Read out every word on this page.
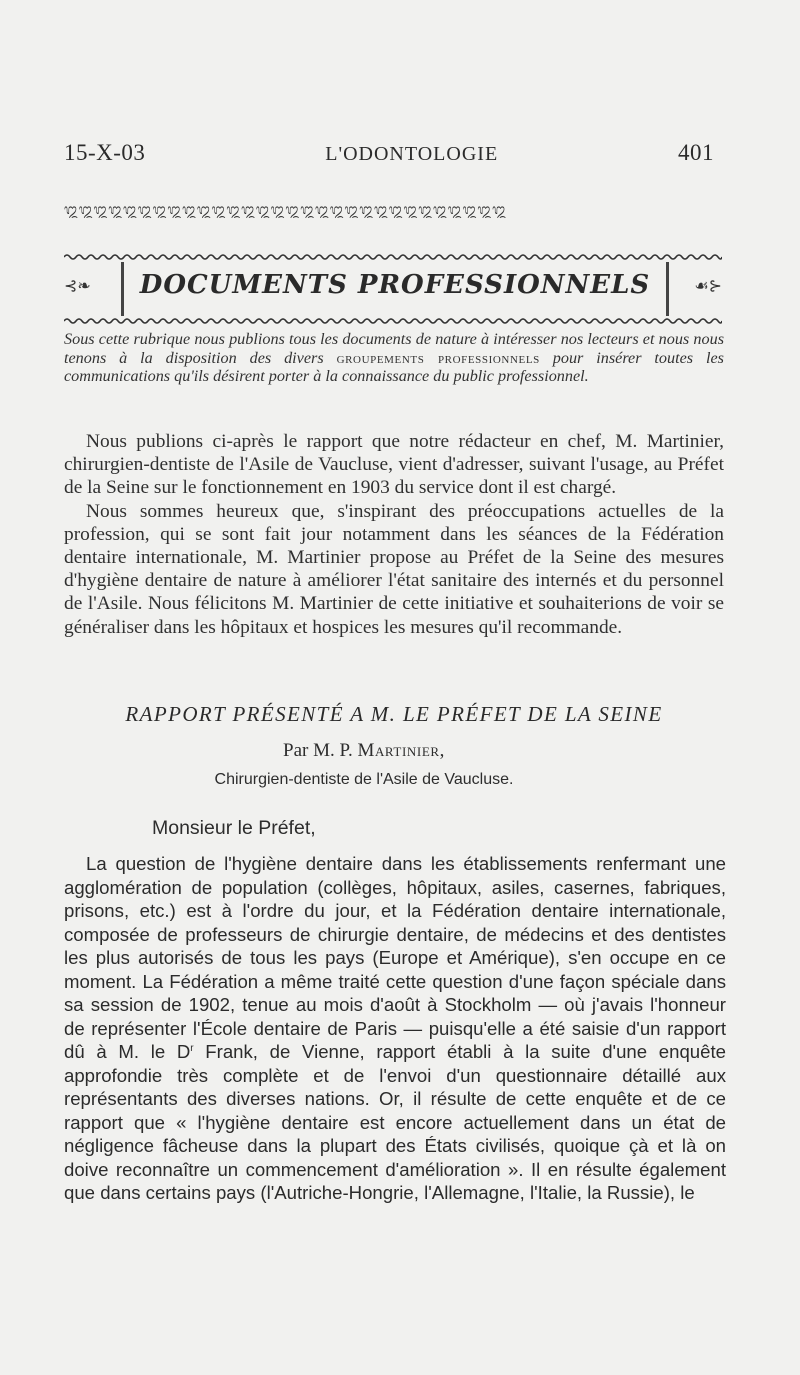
15-X-03	L'ODONTOLOGIE	401
᭓᭓᭓᭓᭓᭓᭓᭓᭓᭓᭓᭓᭓᭓᭓᭓᭓᭓᭓᭓᭓᭓᭓᭓᭓᭓᭓᭓᭓᭓
⊰❧	DOCUMENTS PROFESSIONNELS	☙⊱
Sous cette rubrique nous publions tous les documents de nature à intéresser nos lecteurs et nous nous tenons à la disposition des divers groupements professionnels pour insérer toutes les communications qu'ils désirent porter à la connaissance du public professionnel.

Nous publions ci-après le rapport que notre rédacteur en chef, M. Martinier, chirurgien-dentiste de l'Asile de Vaucluse, vient d'adresser, suivant l'usage, au Préfet de la Seine sur le fonctionnement en 1903 du service dont il est chargé.

Nous sommes heureux que, s'inspirant des préoccupations actuelles de la profession, qui se sont fait jour notamment dans les séances de la Fédération dentaire internationale, M. Martinier propose au Préfet de la Seine des mesures d'hygiène dentaire de nature à améliorer l'état sanitaire des internés et du personnel de l'Asile. Nous félicitons M. Martinier de cette initiative et souhaiterions de voir se généraliser dans les hôpitaux et hospices les mesures qu'il recommande.

RAPPORT PRÉSENTÉ A M. LE PRÉFET DE LA SEINE
Par M. P. Martinier,
Chirurgien-dentiste de l'Asile de Vaucluse.
Monsieur le Préfet,

La question de l'hygiène dentaire dans les établissements renfermant une agglomération de population (collèges, hôpitaux, asiles, casernes, fabriques, prisons, etc.) est à l'ordre du jour, et la Fédération dentaire internationale, composée de professeurs de chirurgie dentaire, de médecins et des dentistes les plus autorisés de tous les pays (Europe et Amérique), s'en occupe en ce moment. La Fédération a même traité cette question d'une façon spéciale dans sa session de 1902, tenue au mois d'août à Stockholm — où j'avais l'honneur de représenter l'École dentaire de Paris — puisqu'elle a été saisie d'un rapport dû à M. le $D^r$ Frank, de Vienne, rapport établi à la suite d'une enquête approfondie très complète et de l'envoi d'un questionnaire détaillé aux représentants des diverses nations. Or, il résulte de cette enquête et de ce rapport que « l'hygiène dentaire est encore actuellement dans un état de négligence fâcheuse dans la plupart des États civilisés, quoique çà et là on doive reconnaître un commencement d'amélioration ». Il en résulte également que dans certains pays (l'Autriche-Hongrie, l'Allemagne, l'Italie, la Russie), le
